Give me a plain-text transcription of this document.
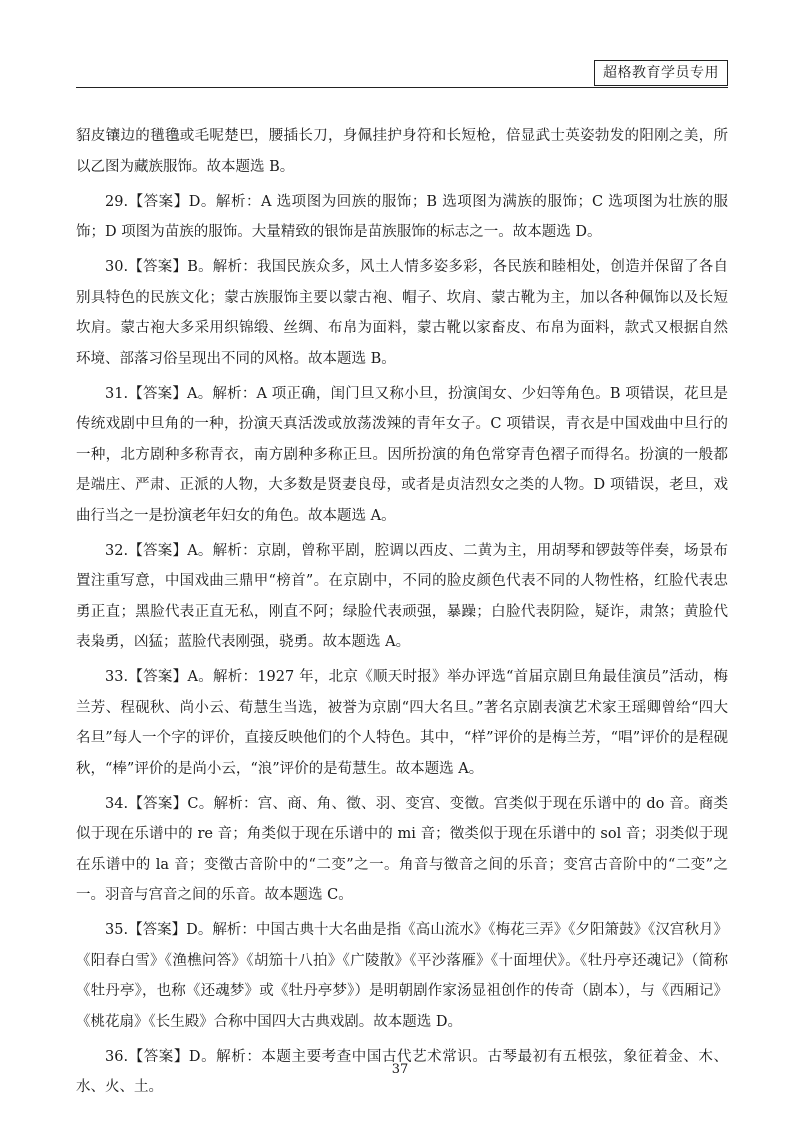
超格教育学员专用

貂皮镶边的氆氇或毛呢楚巴，腰插长刀，身佩挂护身符和长短枪，倍显武士英姿勃发的阳刚之美，所以乙图为藏族服饰。故本题选 B。

29.【答案】D。解析：A 选项图为回族的服饰；B 选项图为满族的服饰；C 选项图为壮族的服饰；D 项图为苗族的服饰。大量精致的银饰是苗族服饰的标志之一。故本题选 D。

30.【答案】B。解析：我国民族众多，风土人情多姿多彩，各民族和睦相处，创造并保留了各自别具特色的民族文化；蒙古族服饰主要以蒙古袍、帽子、坎肩、蒙古靴为主，加以各种佩饰以及长短坎肩。蒙古袍大多采用织锦缎、丝绸、布帛为面料，蒙古靴以家畜皮、布帛为面料，款式又根据自然环境、部落习俗呈现出不同的风格。故本题选 B。

31.【答案】A。解析：A 项正确，闺门旦又称小旦，扮演闺女、少妇等角色。B 项错误，花旦是传统戏剧中旦角的一种，扮演天真活泼或放荡泼辣的青年女子。C 项错误，青衣是中国戏曲中旦行的一种，北方剧种多称青衣，南方剧种多称正旦。因所扮演的角色常穿青色褶子而得名。扮演的一般都是端庄、严肃、正派的人物，大多数是贤妻良母，或者是贞洁烈女之类的人物。D 项错误，老旦，戏曲行当之一是扮演老年妇女的角色。故本题选 A。

32.【答案】A。解析：京剧，曾称平剧，腔调以西皮、二黄为主，用胡琴和锣鼓等伴奏，场景布置注重写意，中国戏曲三鼎甲“榜首”。在京剧中，不同的脸皮颜色代表不同的人物性格，红脸代表忠勇正直；黑脸代表正直无私，刚直不阿；绿脸代表顽强，暴躁；白脸代表阴险，疑诈，肃煞；黄脸代表枭勇，凶猛；蓝脸代表刚强，骁勇。故本题选 A。

33.【答案】A。解析：1927 年，北京《顺天时报》举办评选“首届京剧旦角最佳演员”活动，梅兰芳、程砚秋、尚小云、荀慧生当选，被誉为京剧“四大名旦。”著名京剧表演艺术家王瑶卿曾给“四大名旦”每人一个字的评价，直接反映他们的个人特色。其中，“样”评价的是梅兰芳，“唱”评价的是程砚秋，“棒”评价的是尚小云，“浪”评价的是荀慧生。故本题选 A。

34.【答案】C。解析：宫、商、角、徵、羽、变宫、变徵。宫类似于现在乐谱中的 do 音。商类似于现在乐谱中的 re 音；角类似于现在乐谱中的 mi 音；徵类似于现在乐谱中的 sol 音；羽类似于现在乐谱中的 la 音；变徵古音阶中的“二变”之一。角音与徵音之间的乐音；变宫古音阶中的“二变”之一。羽音与宫音之间的乐音。故本题选 C。

35.【答案】D。解析：中国古典十大名曲是指《高山流水》《梅花三弄》《夕阳箫鼓》《汉宫秋月》《阳春白雪》《渔樵问答》《胡笳十八拍》《广陵散》《平沙落雁》《十面埋伏》。《牡丹亭还魂记》（简称《牡丹亭》，也称《还魂梦》或《牡丹亭梦》）是明朝剧作家汤显祖创作的传奇（剧本），与《西厢记》《桃花扇》《长生殿》合称中国四大古典戏剧。故本题选 D。

36.【答案】D。解析：本题主要考查中国古代艺术常识。古琴最初有五根弦，象征着金、木、水、火、土。

37
